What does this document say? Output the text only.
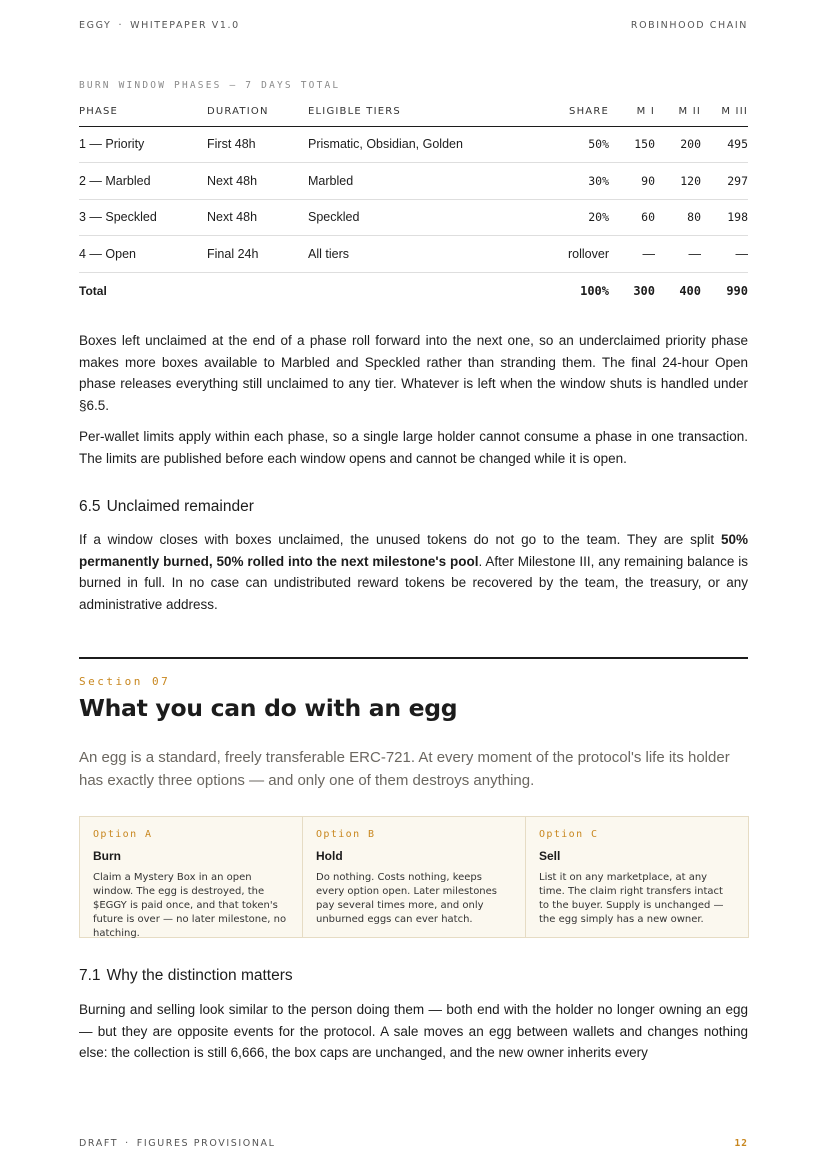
EGGY · WHITEPAPER V1.0	ROBINHOOD CHAIN
BURN WINDOW PHASES — 7 DAYS TOTAL
PHASE	DURATION	ELIGIBLE TIERS	SHARE	M I	M II	M III
1 — Priority	First 48h	Prismatic, Obsidian, Golden	50%	150	200	495
2 — Marbled	Next 48h	Marbled	30%	90	120	297
3 — Speckled	Next 48h	Speckled	20%	60	80	198
4 — Open	Final 24h	All tiers	rollover	—	—	—
Total			100%	300	400	990

Boxes left unclaimed at the end of a phase roll forward into the next one, so an underclaimed priority phase makes more boxes available to Marbled and Speckled rather than stranding them. The final 24-hour Open phase releases everything still unclaimed to any tier. Whatever is left when the window shuts is handled under §6.5.

Per-wallet limits apply within each phase, so a single large holder cannot consume a phase in one transaction. The limits are published before each window opens and cannot be changed while it is open.

6.5 Unclaimed remainder

If a window closes with boxes unclaimed, the unused tokens do not go to the team. They are split 50% permanently burned, 50% rolled into the next milestone's pool. After Milestone III, any remaining balance is burned in full. In no case can undistributed reward tokens be recovered by the team, the treasury, or any administrative address.

Section 07
What you can do with an egg

An egg is a standard, freely transferable ERC-721. At every moment of the protocol's life its holder has exactly three options — and only one of them destroys anything.

Option A
Burn
Claim a Mystery Box in an open window. The egg is destroyed, the $EGGY is paid once, and that token's future is over — no later milestone, no hatching.
Option B
Hold
Do nothing. Costs nothing, keeps every option open. Later milestones pay several times more, and only unburned eggs can ever hatch.
Option C
Sell
List it on any marketplace, at any time. The claim right transfers intact to the buyer. Supply is unchanged — the egg simply has a new owner.
7.1 Why the distinction matters

Burning and selling look similar to the person doing them — both end with the holder no longer owning an egg — but they are opposite events for the protocol. A sale moves an egg between wallets and changes nothing else: the collection is still 6,666, the box caps are unchanged, and the new owner inherits every

DRAFT · FIGURES PROVISIONAL	12
